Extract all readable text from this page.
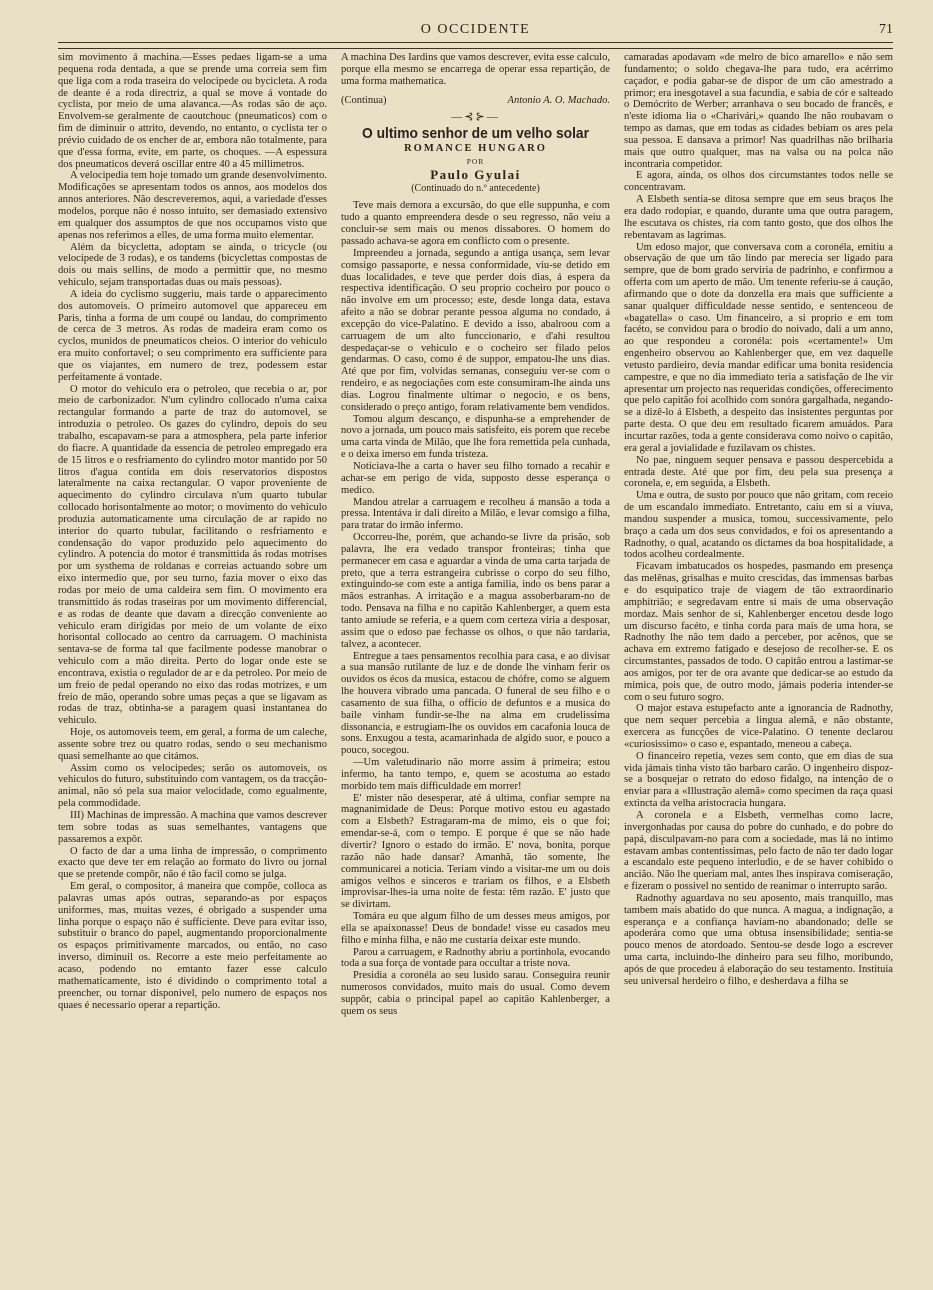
O OCCIDENTE	71

sim movimento á machina.—Esses pedaes ligam-se a uma pequena roda dentada, a que se prende uma correia sem fim que liga com a roda traseira do velocipede ou bycicleta. A roda de deante é a roda directriz, a qual se move á vontade do cyclista, por meio de uma alavanca.—As rodas são de aço. Envolvem-se geralmente de caoutchouc (pneumaticos) com o fim de diminuir o attrito, devendo, no entanto, o cyclista ter o prévio cuidado de os encher de ar, embora não totalmente, para que d'essa forma, evite, em parte, os choques. —A espessura dos pneumaticos deverá oscillar entre 40 a 45 millimetros.

A velocipedia tem hoje tomado um grande desenvolvimento. Modificações se apresentam todos os annos, aos modelos dos annos anteriores. Não descreveremos, aqui, a variedade d'esses modelos, porque não é nosso intuito, ser demasiado extensivo em qualquer dos assumptos de que nos occupamos visto que apenas nos referimos a elles, de uma forma muito elementar.

Além da bicycletta, adoptam se ainda, o tricycle (ou velocipede de 3 rodas), e os tandems (bicyclettas compostas de dois ou mais sellins, de modo a permittir que, no mesmo vehiculo, sejam transportadas duas ou mais pessoas).

A ideia do cyclismo suggeriu, mais tarde o apparecimento dos automoveis. O primeiro automovel que appareceu em Paris, tinha a forma de um coupé ou landau, do comprimento de cerca de 3 metros. As rodas de madeira eram como os cyclos, munidos de pneumaticos cheios. O interior do vehiculo era muito confortavel; o seu comprimento era sufficiente para que os viajantes, em numero de trez, podessem estar perfeitamente á vontade.

O motor do vehiculo era o petroleo, que recebia o ar, por meio de carbonizador. N'um cylindro collocado n'uma caixa rectangular formando a parte de traz do automovel, se introduzia o petroleo. Os gazes do cylindro, depois do seu trabalho, escapavam-se para a atmosphera, pela parte inferior do fiacre. A quantidade da essencia de petroleo empregado era de 15 litros e o resfriamento do cylindro motor mantido por 50 litros d'agua contida em dois reservatorios dispostos lateralmente na caixa rectangular. O vapor proveniente de aquecimento do cylindro circulava n'um quarto tubular collocado horisontalmente ao motor; o movimento do vehiculo produzia automaticamente uma circulação de ar rapido no interior do quarto tubular, facilitando o resfriamento e condensação do vapor produzido pelo aquecimento do cylindro. A potencia do motor é transmittida ás rodas motrises por um systhema de roldanas e correias actuando sobre um eixo intermedio que, por seu turno, fazia mover o eixo das rodas por meio de uma caldeira sem fim. O movimento era transmittido ás rodas traseiras por um movimento differencial, e as rodas de deante que davam a direcção conveniente ao vehiculo eram dirigidas por meio de um volante de eixo horisontal collocado ao centro da carruagem. O machinista sentava-se de forma tal que facilmente podesse manobrar o vehiculo com a mão direita. Perto do logar onde este se encontrava, existia o regulador de ar e da petroleo. Por meio de um freio de pedal operando no eixo das rodas motrizes, e um freio de mão, operando sobre umas peças a que se ligavam as rodas de traz, obtinha-se a paragem quasi instantanea do vehiculo.

Hoje, os automoveis teem, em geral, a forma de um caleche, assente sobre trez ou quatro rodas, sendo o seu mechanismo quasi semelhante ao que citámos.

Assim como os velocipedes; serão os automoveis, os vehiculos do futuro, substituindo com vantagem, os da tracção-animal, não só pela sua maior velocidade, como egualmente, pela commodidade.

III) Machinas de impressão. A machina que vamos descrever tem sobre todas as suas semelhantes, vantagens que passaremos a expôr.

O facto de dar a uma linha de impressão, o comprimento exacto que deve ter em relação ao formato do livro ou jornal que se pretende compôr, não é tão facil como se julga.

Em geral, o compositor, á maneira que compõe, colloca as palavras umas após outras, separando-as por espaços uniformes, mas, muitas vezes, é obrigado a suspender uma linha porque o espaço não é sufficiente. Deve para evitar isso, substituir o branco do papel, augmentando proporcionalmente os espaços primitivamente marcados, ou então, no caso inverso, diminuil os. Recorre a este meio perfeitamente ao acaso, podendo no emtanto fazer esse calculo mathematicamente, isto é dividindo o comprimento total a preencher, ou tornar disponivel, pelo numero de espaços nos quaes é necessario operar a repartição.

A machina Des Iardins que vamos descrever, evita esse calculo, porque ella mesmo se encarrega de operar essa repartição, de uma forma mathematica.

(Continua)	Antonio A. O. Machado.
—⊰⊱—
O ultimo senhor de um velho solar
ROMANCE HUNGARO
POR
Paulo Gyulai
(Continuado do n.º antecedente)

Teve mais demora a excursão, do que elle suppunha, e com tudo a quanto empreendera desde o seu regresso, não veiu a concluir-se sem mais ou menos dissabores. O homem do passado achava-se agora em conflicto com o presente.

Impreendeu a jornada, segundo a antiga usança, sem levar comsigo passaporte, e nessa conformidade, viu-se detido em duas localidades, e teve que perder dois dias, á espera da respectiva identificação. O seu proprio cocheiro por pouco o não involve em um processo; este, desde longa data, estava afeito a não se dobrar perante pessoa alguma no condado, á excepção do vice-Palatino. E devido a isso, abalroou com a carruagem de um alto funccionario, e d'ahi resultou despedaçar-se o vehiculo e o cocheiro ser filado pelos gendarmas. O caso, como é de suppor, empatou-lhe uns dias. Até que por fim, volvidas semanas, conseguiu ver-se com o rendeiro, e as negociações com este consumiram-lhe ainda uns dias. Logrou finalmente ultimar o negocio, e os bens, considerado o preço antigo, foram relativamente bem vendidos.

Tomou algum descanço, e dispunha-se a emprehender de novo a jornada, um pouco mais satisfeito, eis porem que recebe uma carta vinda de Milão, que lhe fora remettida pela cunhada, e o deixa imerso em funda tristeza.

Noticiava-lhe a carta o haver seu filho tornado a recahir e achar-se em perigo de vida, supposto desse esperança o medico.

Mandou atrelar a carruagem e recolheu á mansão a toda a pressa. Intentáva ir dali direito a Milão, e levar comsigo a filha, para tratar do irmão infermo.

Occorreu-lhe, porém, que achando-se livre da prisão, sob palavra, lhe era vedado transpor fronteiras; tinha que permanecer em casa e aguardar a vinda de uma carta tarjada de preto, que a terra estrangeira cubrisse o corpo do seu filho, extinguindo-se com este a antiga familia, indo os bens parar a mãos estranhas. A irritação e a magua assoberbaram-no de todo. Pensava na filha e no capitão Kahlenberger, a quem esta tanto amiude se referia, e a quem com certeza viria a desposar, assim que o edoso pae fechasse os olhos, o que não tardaria, talvez, a acontecer.

Entregue a taes pensamentos recolhia para casa, e ao divisar a sua mansão rutilante de luz e de donde lhe vinham ferir os ouvidos os écos da musica, estacou de chófre, como se alguem lhe houvera vibrado uma pancada. O funeral de seu filho e o casamento de sua filha, o officio de defuntos e a musica do baile vinham fundir-se-lhe na alma em crudelissima dissonancia, e estrugiam-lhe os ouvidos em cacafonia louca de sons. Enxugou a testa, acamarinhada de algido suor, e pouco a pouco, socegou.

—Um valetudinario não morre assim á primeira; estou infermo, ha tanto tempo, e, quem se acostuma ao estado morbido tem mais difficuldade em morrer!

E' mister não desesperar, até á ultima, confiar sempre na magnanimidade de Deus: Porque motivo estou eu agastado com a Elsbeth? Estragaram-ma de mimo, eis o que foi; emendar-se-á, com o tempo. E porque é que se não hade divertir? Ignoro o estado do irmão. E' nova, bonita, porque razão não hade dansar? Amanhã, tão somente, lhe communicarei a noticia. Teriam vindo a visitar-me um ou dois amigos velhos e sinceros e trariam os filhos, e a Elsbeth improvisar-lhes-ia uma noite de festa: têm razão. E' justo que se divirtam.

Tomára eu que algum filho de um desses meus amigos, por ella se apaixonasse! Deus de bondade! visse eu casados meu filho e minha filha, e não me custaria deixar este mundo.

Parou a carruagem, e Radnothy abriu a portinhola, evocando toda a sua força de vontade para occultar a triste nova.

Presidia a coronéla ao seu lusido sarau. Conseguira reunir numerosos convidados, muito mais do usual. Como devem suppôr, cabia o principal papel ao capitão Kahlenberger, a quem os seus

camaradas apodavam «de melro de bico amarello» e não sem fundamento; o soldo chegava-lhe para tudo, era acérrimo caçador, e podia gabar-se de dispor de um cão amestrado a primor; era inesgotavel a sua facundia, e sabia de cór e salteado o Demócrito de Werber; arranhava o seu bocado de francês, e n'este idioma lia o «Charivári,» quando lhe não roubavam o tempo as damas, que em todas as cidades bebiam os ares pela sua pessoa. E dansava a primor! Nas quadrilhas não brilharia mais que outro qualquer, mas na valsa ou na polca não incontraria competidor.

E agora, ainda, os olhos dos circumstantes todos nelle se concentravam.

A Elsbeth sentia-se ditosa sempre que em seus braços lhe era dado rodopiar, e quando, durante uma que outra paragem, lhe escutava os chistes, ria com tanto gosto, que dos olhos lhe rebentavam as lagrimas.

Um edoso major, que conversava com a coronéla, emitiu a observação de que um tão lindo par merecia ser ligado para sempre, que de bom grado serviria de padrinho, e confirmou a offerta com um aperto de mão. Um tenente referiu-se á caução, afirmando que o dote da donzella era mais que sufficiente a sanar qualquer difficuldade nesse sentido, e sentenceou de «bagatella» o caso. Um financeiro, a si proprio e em tom facéto, se convidou para o brodio do noivado, dali a um anno, ao que respondeu a coronéla: pois «certamente!» Um engenheiro observou ao Kahlenberger que, em vez daquelle vetusto pardieiro, devia mandar edificar uma bonita residencia campestre, e que no dia immediato teria a satisfação de lhe vir apresentar um projecto nas requeridas condições, offerecimento que pelo capitão foi acolhido com sonóra gargalhada, negando-se a dizê-lo á Elsbeth, a despeito das insistentes perguntas por parte desta. O que deu em resultado ficarem amuádos. Para incurtar razões, toda a gente considerava como noivo o capitão, era geral a jovialidade e fuzilavam os chistes.

No pae, ninguem sequer pensava e passou despercebida a entrada deste. Até que por fim, deu pela sua presença a coronela, e, em seguida, a Elsbeth.

Uma e outra, de susto por pouco que não gritam, com receio de um escandalo immediato. Entretanto, caiu em si a viuva, mandou suspender a musica, tomou, successivamente, pelo braço a cada um dos seus convidados, e foi os apresentando a Radnothy, o qual, acatando os dictames da boa hospitalidade, a todos acolheu cordealmente.

Ficavam imbatucados os hospedes, pasmando em presença das melênas, grisalhas e muito crescidas, das immensas barbas e do esquipatico traje de viagem de tão extraordinario amphitrião; e segredavam entre si mais de uma observação mordaz. Mais senhor de si, Kahlenberger encetou desde logo um discurso facéto, e tinha corda para mais de uma hora, se Radnothy lhe não tem dado a perceber, por acênos, que se achava em extremo fatigado e desejoso de recolher-se. E os circumstantes, passados de todo. O capitão entrou a lastimar-se aos amigos, por ter de ora avante que dedicar-se ao estudo da mimica, pois que, de outro modo, jámais poderia intender-se com o seu futuro sogro.

O major estava estupefacto ante a ignorancia de Radnothy, que nem sequer percebia a lingua alemã, e não obstante, exercera as funcções de vice-Palatino. O tenente declarou «curiosissimo» o caso e, espantado, meneou a cabeça.

O financeiro repetia, vezes sem conto, que em dias de sua vida jámais tinha visto tão barbaro carão. O ingenheiro dispoz-se a bosquejar o retrato do edoso fidalgo, na intenção de o enviar para a «Illustração alemã» como specimen da raça quasi extincta da velha aristocracia hungara.

A coronela e a Elsbeth, vermelhas como lacre, invergonhadas por causa do pobre do cunhado, e do pobre do papá, disculpavam-no para com a sociedade, mas lá no intimo estavam ambas contentissimas, pelo facto de não ter dado logar a escandalo este pequeno interludio, e de se haver cohibido o ancião. Não lhe queriam mal, antes lhes inspirava comiseração, e fizeram o possivel no sentido de reanimar o interrupto sarão.

Radnothy aguardava no seu aposento, mais tranquillo, mas tambem mais abatido do que nunca. A magua, a indignação, a esperança e a confiança haviam-no abandonado; delle se apoderára como que uma obtusa insensibilidade; sentia-se pouco menos de atordoado. Sentou-se desde logo a escrever uma carta, incluindo-lhe dinheiro para seu filho, moribundo, após de que procedeu á elaboração do seu testamento. Instituia seu universal herdeiro o filho, e desherdava a filha se
